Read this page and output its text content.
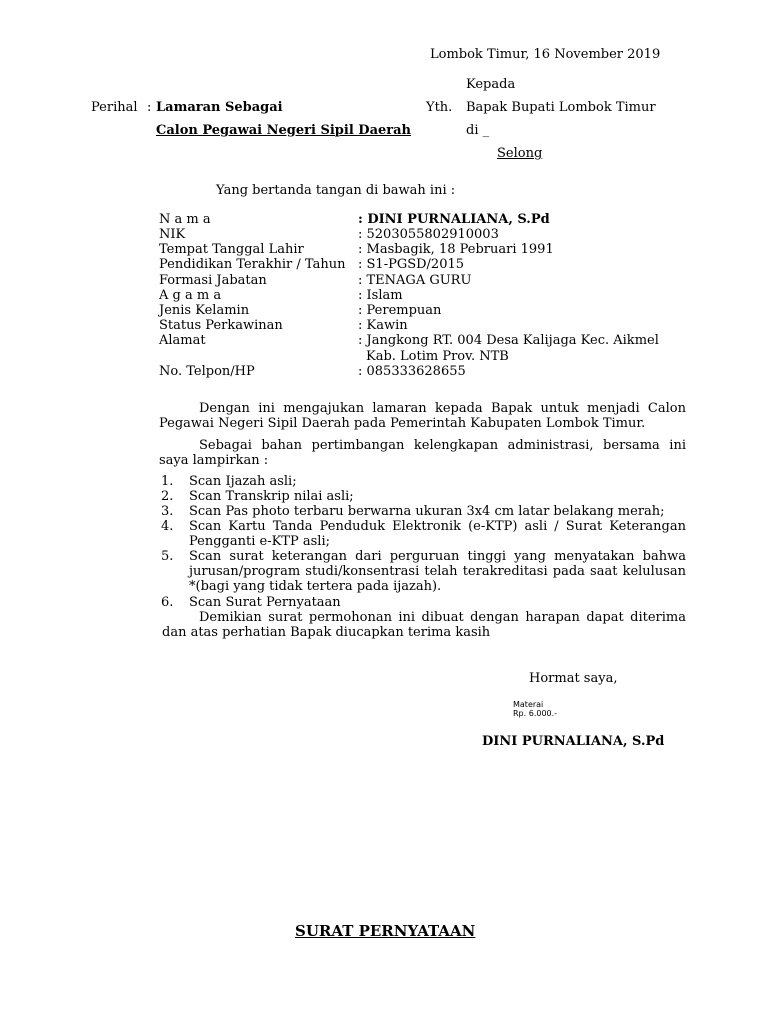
Lombok Timur, 16 November 2019
Kepada
Perihal : Lamaran Sebagai
Calon Pegawai Negeri Sipil Daerah
Yth. Bapak Bupati Lombok Timur
di _
Selong
Yang bertanda tangan di bawah ini :
N a m a	: DINI PURNALIANA, S.Pd
NIK	: 5203055802910003
Tempat Tanggal Lahir	: Masbagik, 18 Pebruari 1991
Pendidikan Terakhir / Tahun : S1-PGSD/2015
Formasi Jabatan	: TENAGA GURU
A g a m a	: Islam
Jenis Kelamin	: Perempuan
Status Perkawinan	: Kawin
Alamat	: Jangkong RT. 004 Desa Kalijaga Kec. Aikmel
Kab. Lotim Prov. NTB
No. Telpon/HP	: 085333628655
Dengan ini mengajukan lamaran kepada Bapak untuk menjadi Calon Pegawai Negeri Sipil Daerah pada Pemerintah Kabupaten Lombok Timur.
Sebagai bahan pertimbangan kelengkapan administrasi, bersama ini saya lampirkan :
1. Scan Ijazah asli;
2. Scan Transkrip nilai asli;
3. Scan Pas photo terbaru berwarna ukuran 3x4 cm latar belakang merah;
4. Scan Kartu Tanda Penduduk Elektronik (e-KTP) asli / Surat Keterangan Pengganti e-KTP asli;
5. Scan surat keterangan dari perguruan tinggi yang menyatakan bahwa jurusan/program studi/konsentrasi telah terakreditasi pada saat kelulusan *(bagi yang tidak tertera pada ijazah).
6. Scan Surat Pernyataan
Demikian surat permohonan ini dibuat dengan harapan dapat diterima dan atas perhatian Bapak diucapkan terima kasih
Hormat saya,
Materai
Rp. 6.000.-
DINI PURNALIANA, S.Pd
SURAT PERNYATAAN
